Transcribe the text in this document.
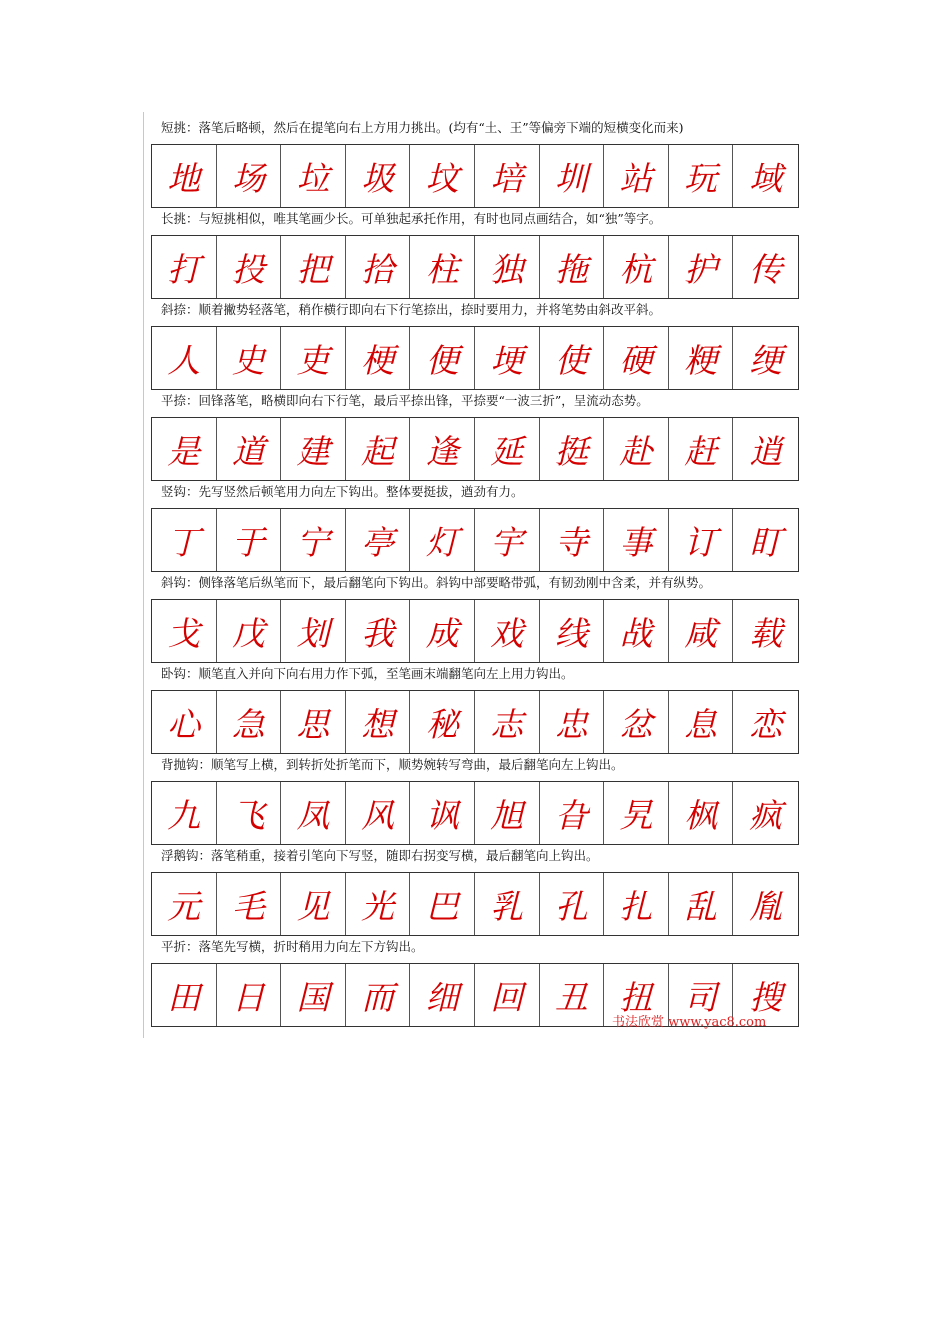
短挑：落笔后略顿，然后在提笔向右上方用力挑出。(均有“土、王”等偏旁下端的短横变化而来)
地 场 垃 圾 坟 培 圳 站 玩 域
长挑：与短挑相似，唯其笔画少长。可单独起承托作用，有时也同点画结合，如“独”等字。
打 投 把 拾 柱 独 拖 杭 护 传
斜捺：顺着撇势轻落笔，稍作横行即向右下行笔捺出，捺时要用力，并将笔势由斜改平斜。
人 史 吏 梗 便 埂 使 硬 粳 绠
平捺：回锋落笔，略横即向右下行笔，最后平捺出锋，平捺要“一波三折”，呈流动态势。
是 道 建 起 逢 延 挺 赴 赶 逍
竖钩：先写竖然后顿笔用力向左下钩出。整体要挺拔，遒劲有力。
丁 于 宁 亭 灯 宇 寺 事 订 盯
斜钩：侧锋落笔后纵笔而下，最后翻笔向下钩出。斜钩中部要略带弧，有韧劲刚中含柔，并有纵势。
戈 戊 划 我 成 戏 线 战 咸 载
卧钩：顺笔直入并向下向右用力作下弧，至笔画末端翻笔向左上用力钩出。
心 急 思 想 秘 志 忠 忿 息 恋
背抛钩：顺笔写上横，到转折处折笔而下，顺势婉转写弯曲，最后翻笔向左上钩出。
九 飞 凤 风 讽 旭 旮 旯 枫 疯
浮鹅钩：落笔稍重，接着引笔向下写竖，随即右拐变写横，最后翻笔向上钩出。
元 毛 见 光 巴 乳 孔 扎 乱 胤
平折：落笔先写横，折时稍用力向左下方钩出。
田 日 国 而 细 回 丑 扭 司 搜
书法欣赏 www.yac8.com
